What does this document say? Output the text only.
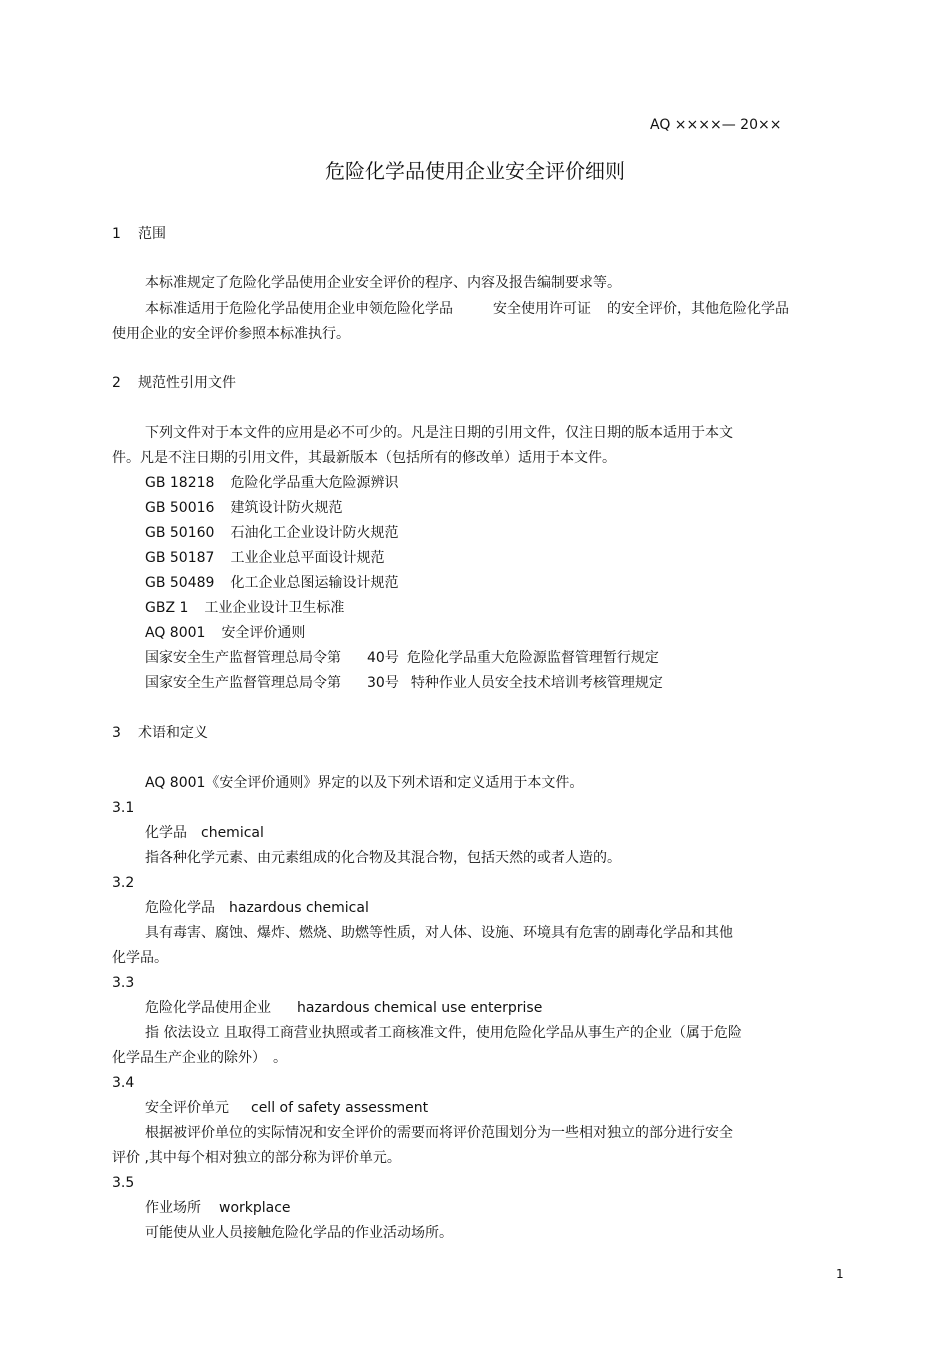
AQ ××××— 20××
危险化学品使用企业安全评价细则
1 范围
本标准规定了危险化学品使用企业安全评价的程序、内容及报告编制要求等。
本标准适用于危险化学品使用企业申领危险化学品	安全使用许可证 的安全评价，其他危险化学品
使用企业的安全评价参照本标准执行。
2 规范性引用文件
下列文件对于本文件的应用是必不可少的。凡是注日期的引用文件，仅注日期的版本适用于本文
件。凡是不注日期的引用文件，其最新版本（包括所有的修改单）适用于本文件。
GB 18218 危险化学品重大危险源辨识
GB 50016 建筑设计防火规范
GB 50160 石油化工企业设计防火规范
GB 50187 工业企业总平面设计规范
GB 50489 化工企业总图运输设计规范
GBZ 1 工业企业设计卫生标准
AQ 8001 安全评价通则
国家安全生产监督管理总局令第 40号 危险化学品重大危险源监督管理暂行规定
国家安全生产监督管理总局令第 30号 特种作业人员安全技术培训考核管理规定
3 术语和定义
AQ 8001《安全评价通则》界定的以及下列术语和定义适用于本文件。
3.1
化学品 chemical
指各种化学元素、由元素组成的化合物及其混合物，包括天然的或者人造的。
3.2
危险化学品 hazardous chemical
具有毒害、腐蚀、爆炸、燃烧、助燃等性质，对人体、设施、环境具有危害的剧毒化学品和其他
化学品。
3.3
危险化学品使用企业 hazardous chemical use enterprise
指 依法设立 且取得工商营业执照或者工商核准文件，使用危险化学品从事生产的企业（属于危险
化学品生产企业的除外）　。
3.4
安全评价单元 cell of safety assessment
根据被评价单位的实际情况和安全评价的需要而将评价范围划分为一些相对独立的部分进行安全
评价 ,其中每个相对独立的部分称为评价单元。
3.5
作业场所 workplace
可能使从业人员接触危险化学品的作业活动场所。
1
